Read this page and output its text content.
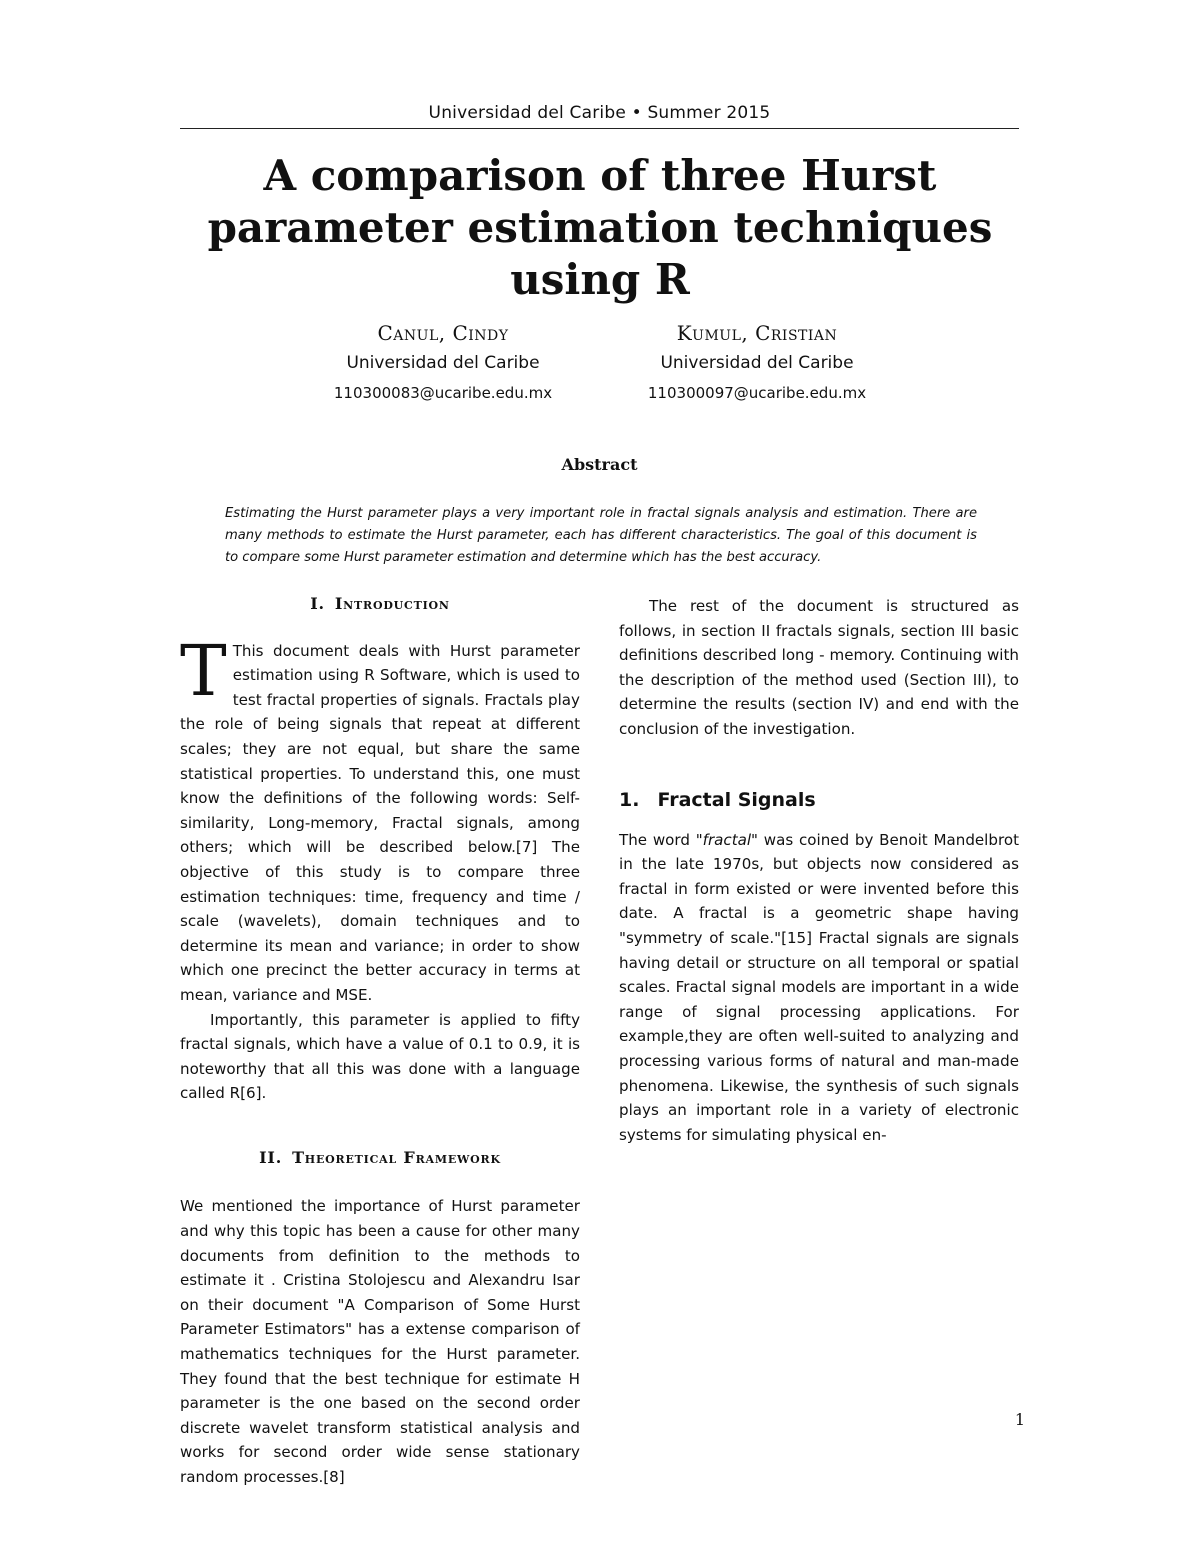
Universidad del Caribe • Summer 2015
A comparison of three Hurst parameter estimation techniques using R
Canul, Cindy
Universidad del Caribe
110300083@ucaribe.edu.mx
Kumul, Cristian
Universidad del Caribe
110300097@ucaribe.edu.mx
Abstract

Estimating the Hurst parameter plays a very important role in fractal signals analysis and estimation. There are many methods to estimate the Hurst parameter, each has different characteristics. The goal of this document is to compare some Hurst parameter estimation and determine which has the best accuracy.

I. Introduction

T This document deals with Hurst parameter estimation using R Software, which is used to test fractal properties of signals. Fractals play the role of being signals that repeat at different scales; they are not equal, but share the same statistical properties. To understand this, one must know the definitions of the following words: Self-similarity, Long-memory, Fractal signals, among others; which will be described below.[7] The objective of this study is to compare three estimation techniques: time, frequency and time / scale (wavelets), domain techniques and to determine its mean and variance; in order to show which one precinct the better accuracy in terms at mean, variance and MSE.

Importantly, this parameter is applied to fifty fractal signals, which have a value of 0.1 to 0.9, it is noteworthy that all this was done with a language called R[6].

II. Theoretical Framework

We mentioned the importance of Hurst parameter and why this topic has been a cause for other many documents from definition to the methods to estimate it . Cristina Stolojescu and Alexandru Isar on their document "A Comparison of Some Hurst Parameter Estimators" has a extense comparison of mathematics techniques for the Hurst parameter. They found that the best technique for estimate H parameter is the one based on the second order discrete wavelet transform statistical analysis and works for second order wide sense stationary random processes.[8]

The rest of the document is structured as follows, in section II fractals signals, section III basic definitions described long - memory. Continuing with the description of the method used (Section III), to determine the results (section IV) and end with the conclusion of the investigation.

1. Fractal Signals

The word "fractal" was coined by Benoit Mandelbrot in the late 1970s, but objects now considered as fractal in form existed or were invented before this date. A fractal is a geometric shape having "symmetry of scale."[15] Fractal signals are signals having detail or structure on all temporal or spatial scales. Fractal signal models are important in a wide range of signal processing applications. For example,they are often well-suited to analyzing and processing various forms of natural and man-made phenomena. Likewise, the synthesis of such signals plays an important role in a variety of electronic systems for simulating physical en-

1
